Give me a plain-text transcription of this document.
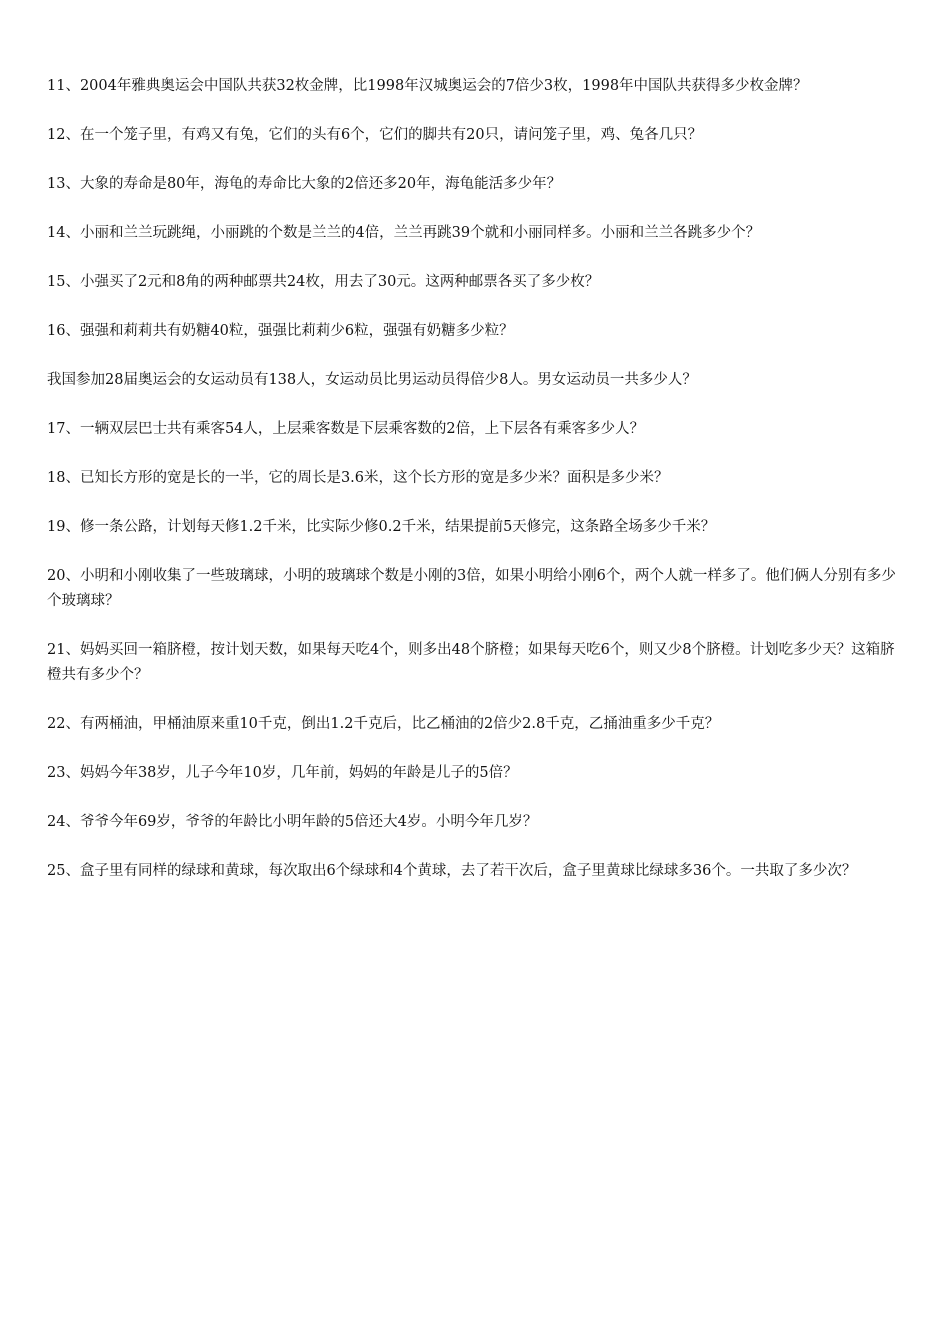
11、2004年雅典奥运会中国队共获32枚金牌，比1998年汉城奥运会的7倍少3枚，1998年中国队共获得多少枚金牌？

12、在一个笼子里，有鸡又有兔，它们的头有6个，它们的脚共有20只，请问笼子里，鸡、兔各几只？

13、大象的寿命是80年，海龟的寿命比大象的2倍还多20年，海龟能活多少年？

14、小丽和兰兰玩跳绳，小丽跳的个数是兰兰的4倍，兰兰再跳39个就和小丽同样多。小丽和兰兰各跳多少个？

15、小强买了2元和8角的两种邮票共24枚，用去了30元。这两种邮票各买了多少枚？

16、强强和莉莉共有奶糖40粒，强强比莉莉少6粒，强强有奶糖多少粒？

我国参加28届奥运会的女运动员有138人，女运动员比男运动员得倍少8人。男女运动员一共多少人？

17、一辆双层巴士共有乘客54人，上层乘客数是下层乘客数的2倍，上下层各有乘客多少人？

18、已知长方形的宽是长的一半，它的周长是3.6米，这个长方形的宽是多少米？面积是多少米？

19、修一条公路，计划每天修1.2千米，比实际少修0.2千米，结果提前5天修完，这条路全场多少千米？

20、小明和小刚收集了一些玻璃球，小明的玻璃球个数是小刚的3倍，如果小明给小刚6个，两个人就一样多了。他们俩人分别有多少个玻璃球？

21、妈妈买回一箱脐橙，按计划天数，如果每天吃4个，则多出48个脐橙；如果每天吃6个，则又少8个脐橙。计划吃多少天？这箱脐橙共有多少个？

22、有两桶油，甲桶油原来重10千克，倒出1.2千克后，比乙桶油的2倍少2.8千克，乙捅油重多少千克？

23、妈妈今年38岁，儿子今年10岁，几年前，妈妈的年龄是儿子的5倍？

24、爷爷今年69岁，爷爷的年龄比小明年龄的5倍还大4岁。小明今年几岁？

25、盒子里有同样的绿球和黄球，每次取出6个绿球和4个黄球，去了若干次后，盒子里黄球比绿球多36个。一共取了多少次？
